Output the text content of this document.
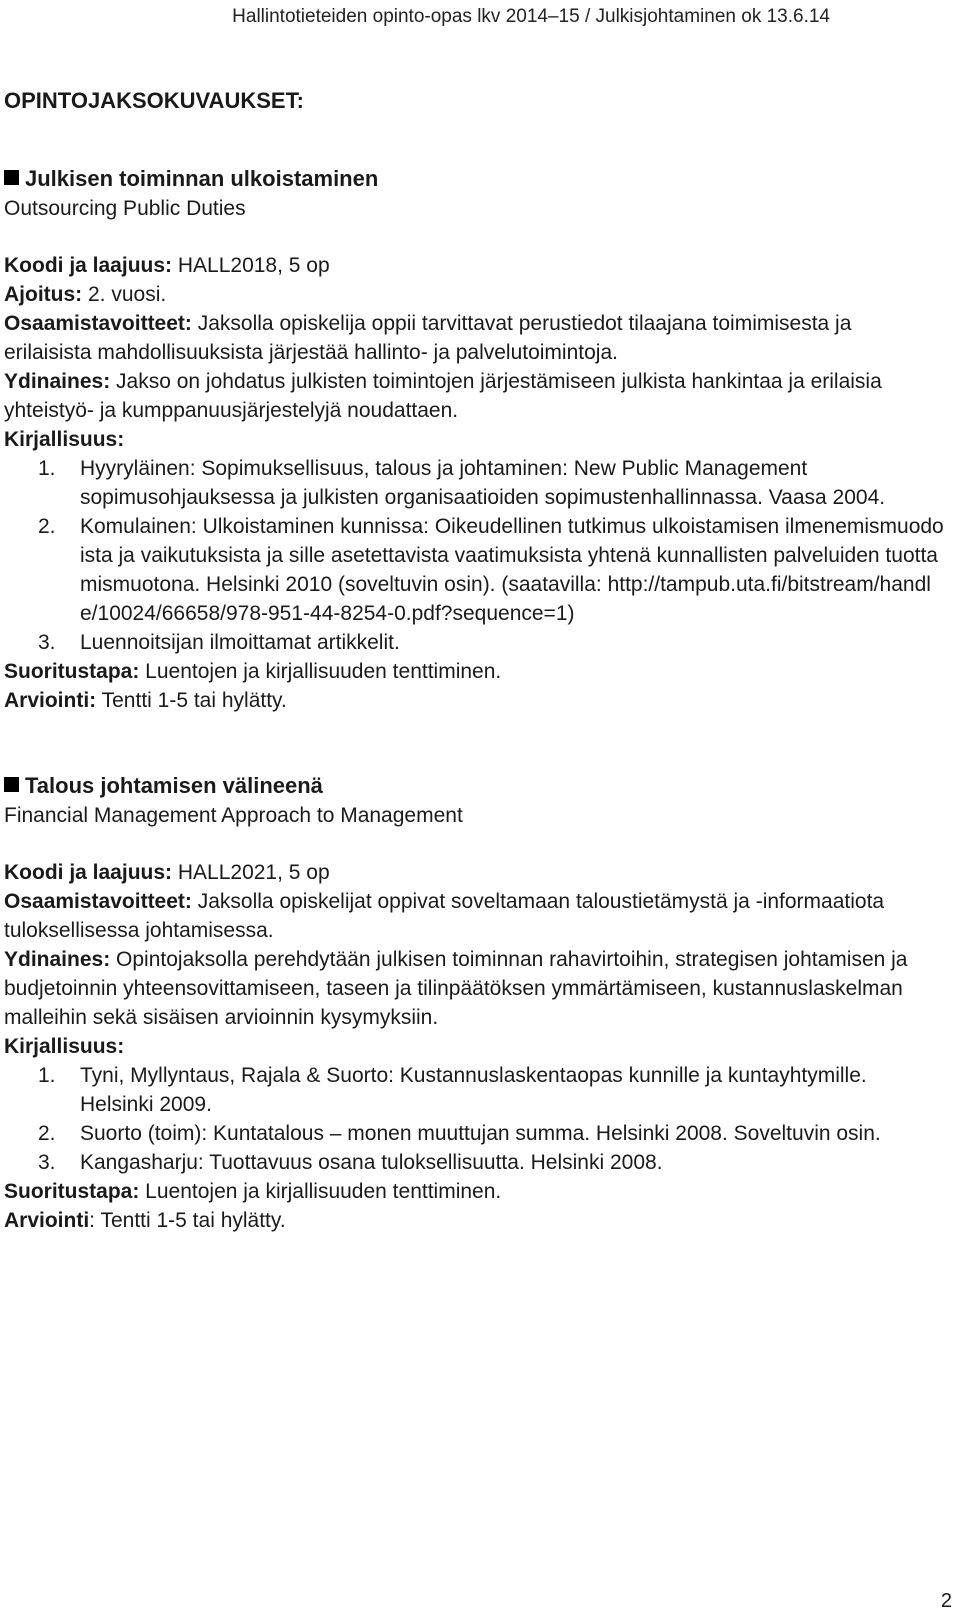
Hallintotieteiden opinto-opas lkv 2014–15 / Julkisjohtaminen ok 13.6.14
OPINTOJAKSOKUVAUKSET:
Julkisen toiminnan ulkoistaminen

Outsourcing Public Duties

Koodi ja laajuus: HALL2018, 5 op

Ajoitus: 2. vuosi.

Osaamistavoitteet: Jaksolla opiskelija oppii tarvittavat perustiedot tilaajana toimimisesta ja erilaisista mahdollisuuksista järjestää hallinto- ja palvelutoimintoja.

Ydinaines: Jakso on johdatus julkisten toimintojen järjestämiseen julkista hankintaa ja erilaisia yhteistyö- ja kumppanuusjärjestelyjä noudattaen.

Kirjallisuus:

1. Hyyryläinen: Sopimuksellisuus, talous ja johtaminen: New Public Management sopimusohjauksessa ja julkisten organisaatioiden sopimustenhallinnassa. Vaasa 2004.
2. Komulainen: Ulkoistaminen kunnissa: Oikeudellinen tutkimus ulkoistamisen ilmenemismuodoista ja vaikutuksista ja sille asetettavista vaatimuksista yhtenä kunnallisten palveluiden tuottamismuotona. Helsinki 2010 (soveltuvin osin). (saatavilla: http://tampub.uta.fi/bitstream/handle/10024/66658/978-951-44-8254-0.pdf?sequence=1)
3. Luennoitsijan ilmoittamat artikkelit.

Suoritustapa: Luentojen ja kirjallisuuden tenttiminen.

Arviointi: Tentti 1-5 tai hylätty.

Talous johtamisen välineenä

Financial Management Approach to Management

Koodi ja laajuus: HALL2021, 5 op

Osaamistavoitteet: Jaksolla opiskelijat oppivat soveltamaan taloustietämystä ja -informaatiota tuloksellisessa johtamisessa.

Ydinaines: Opintojaksolla perehdytään julkisen toiminnan rahavirtoihin, strategisen johtamisen ja budjetoinnin yhteensovittamiseen, taseen ja tilinpäätöksen ymmärtämiseen, kustannuslaskelman malleihin sekä sisäisen arvioinnin kysymyksiin.

Kirjallisuus:

1. Tyni, Myllyntaus, Rajala & Suorto: Kustannuslaskentaopas kunnille ja kuntayhtymille. Helsinki 2009.
2. Suorto (toim): Kuntatalous – monen muuttujan summa. Helsinki 2008. Soveltuvin osin.
3. Kangasharju: Tuottavuus osana tuloksellisuutta. Helsinki 2008.

Suoritustapa: Luentojen ja kirjallisuuden tenttiminen.

Arviointi: Tentti 1-5 tai hylätty.

2
